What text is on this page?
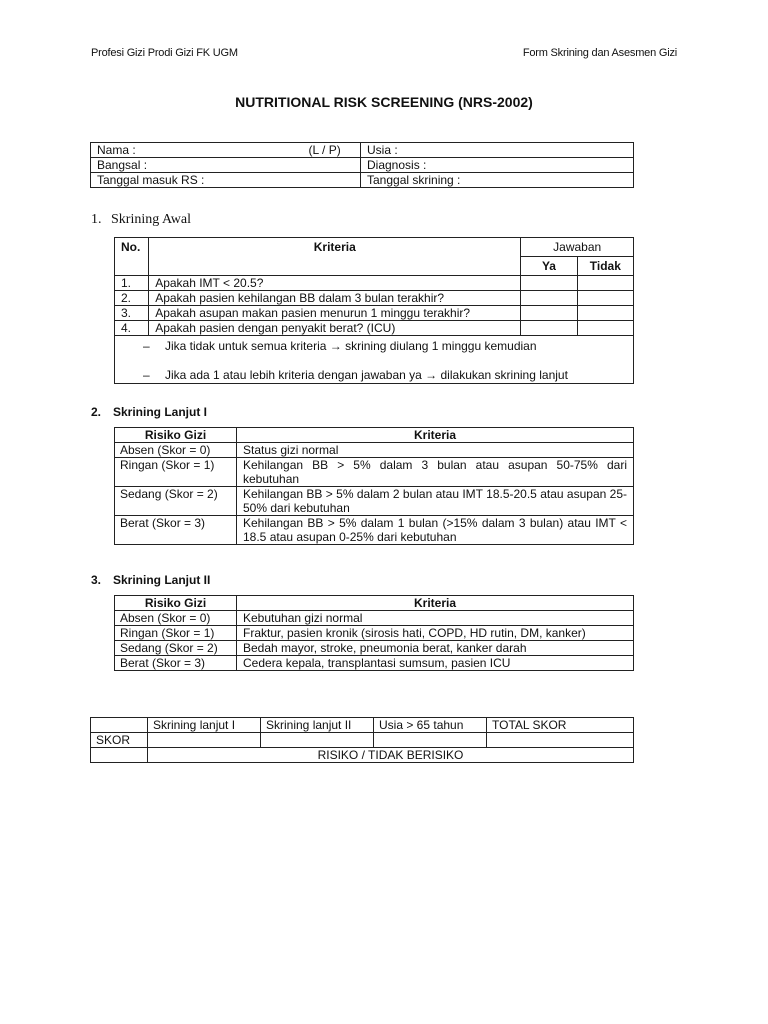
Profesi Gizi Prodi Gizi FK UGM	Form Skrining dan Asesmen Gizi
NUTRITIONAL RISK SCREENING (NRS-2002)
Nama :	(L / P)	Usia :
Bangsal :		Diagnosis :
Tanggal masuk RS :		Tanggal skrining :
1. Skrining Awal
No.	Kriteria	Jawaban	
		Ya	Tidak
1.	Apakah IMT < 20.5?		
2.	Apakah pasien kehilangan BB dalam 3 bulan terakhir?		
3.	Apakah asupan makan pasien menurun 1 minggu terakhir?		
4.	Apakah pasien dengan penyakit berat? (ICU)		

– Jika tidak untuk semua kriteria → skrining diulang 1 minggu kemudian
– Jika ada 1 atau lebih kriteria dengan jawaban ya → dilakukan skrining lanjut			
2. Skrining Lanjut I
Risiko Gizi	Kriteria
Absen (Skor = 0)	Status gizi normal
Ringan (Skor = 1)	Kehilangan BB > 5% dalam 3 bulan atau asupan 50-75% dari kebutuhan
Sedang (Skor = 2)	Kehilangan BB > 5% dalam 2 bulan atau IMT 18.5-20.5 atau asupan 25-50% dari kebutuhan
Berat (Skor = 3)	Kehilangan BB > 5% dalam 1 bulan (>15% dalam 3 bulan) atau IMT < 18.5 atau asupan 0-25% dari kebutuhan
3. Skrining Lanjut II
Risiko Gizi	Kriteria
Absen (Skor = 0)	Kebutuhan gizi normal
Ringan (Skor = 1)	Fraktur, pasien kronik (sirosis hati, COPD, HD rutin, DM, kanker)
Sedang (Skor = 2)	Bedah mayor, stroke, pneumonia berat, kanker darah
Berat (Skor = 3)	Cedera kepala, transplantasi sumsum, pasien ICU
	Skrining lanjut I	Skrining lanjut II	Usia > 65 tahun	TOTAL SKOR
SKOR				
	RISIKO / TIDAK BERISIKO			
